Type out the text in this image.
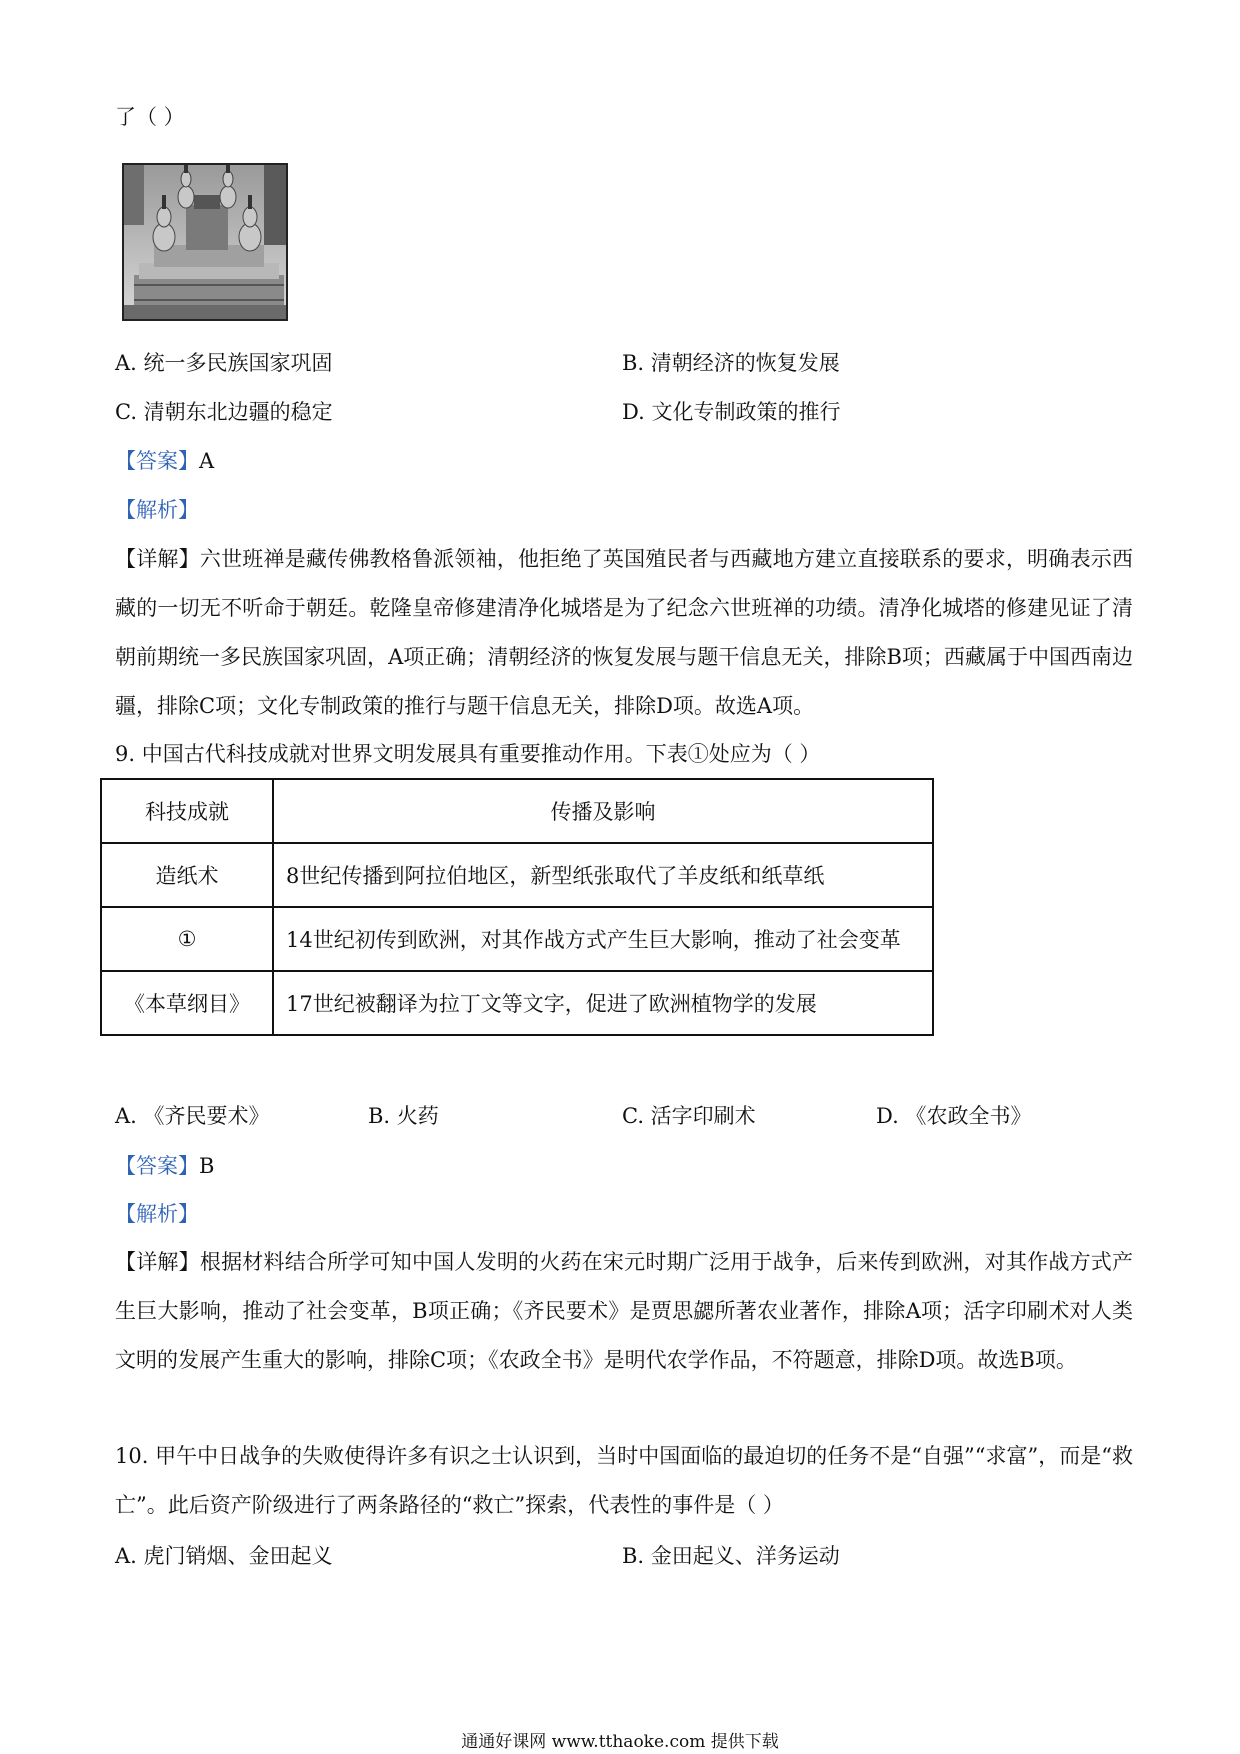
了（ ）
A. 统一多民族国家巩固	B. 清朝经济的恢复发展
C. 清朝东北边疆的稳定	D. 文化专制政策的推行
【答案】A
【解析】
【详解】六世班禅是藏传佛教格鲁派领袖，他拒绝了英国殖民者与西藏地方建立直接联系的要求，明确表示西藏的一切无不听命于朝廷。乾隆皇帝修建清净化城塔是为了纪念六世班禅的功绩。清净化城塔的修建见证了清朝前期统一多民族国家巩固，A项正确；清朝经济的恢复发展与题干信息无关，排除B项；西藏属于中国西南边疆，排除C项；文化专制政策的推行与题干信息无关，排除D项。故选A项。
9. 中国古代科技成就对世界文明发展具有重要推动作用。下表①处应为（ ）
科技成就	传播及影响
造纸术	8世纪传播到阿拉伯地区，新型纸张取代了羊皮纸和纸草纸
①	14世纪初传到欧洲，对其作战方式产生巨大影响，推动了社会变革
《本草纲目》	17世纪被翻译为拉丁文等文字，促进了欧洲植物学的发展
A. 《齐民要术》	B. 火药	C. 活字印刷术	D. 《农政全书》
【答案】B
【解析】
【详解】根据材料结合所学可知中国人发明的火药在宋元时期广泛用于战争，后来传到欧洲，对其作战方式产生巨大影响，推动了社会变革，B项正确；《齐民要术》是贾思勰所著农业著作，排除A项；活字印刷术对人类文明的发展产生重大的影响，排除C项；《农政全书》是明代农学作品，不符题意，排除D项。故选B项。
10. 甲午中日战争的失败使得许多有识之士认识到，当时中国面临的最迫切的任务不是“自强”“求富”，而是“救亡”。此后资产阶级进行了两条路径的“救亡”探索，代表性的事件是（ ）
A. 虎门销烟、金田起义	B. 金田起义、洋务运动
通通好课网 www.tthaoke.com 提供下载
